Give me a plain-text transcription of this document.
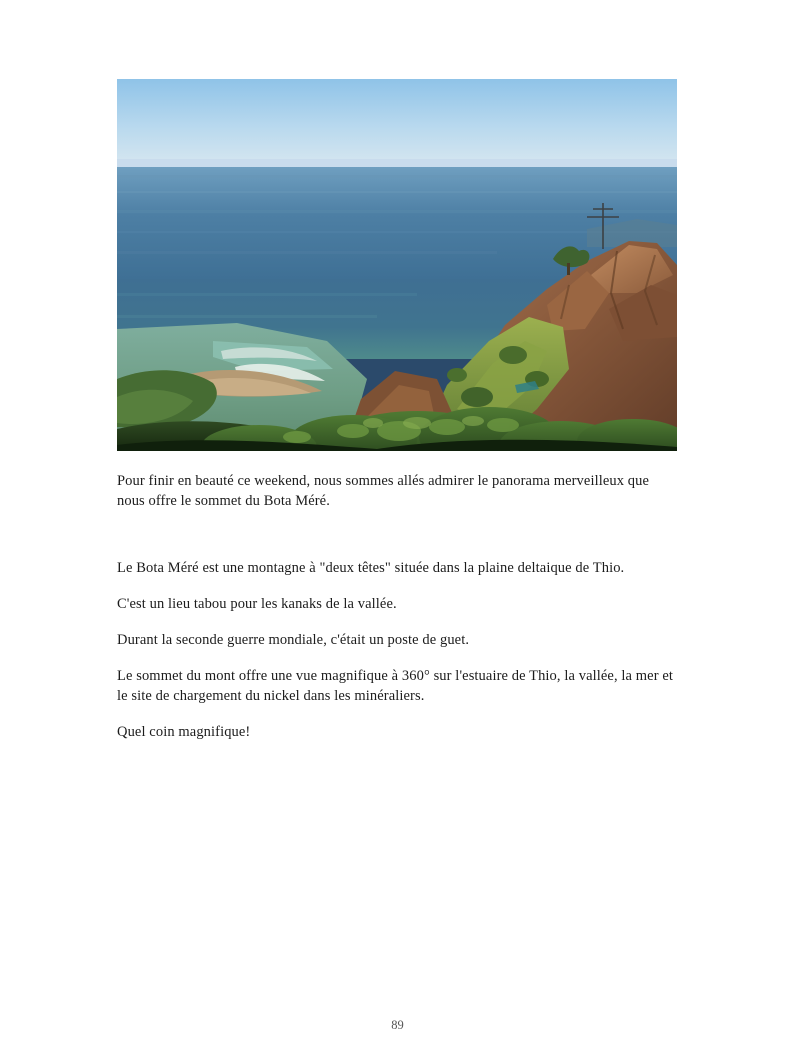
Pour finir en beauté ce weekend, nous sommes allés admirer le panorama merveilleux que nous offre le sommet du Bota Méré.

Le Bota Méré est une montagne à "deux têtes" située dans la plaine deltaique de Thio.

C'est un lieu tabou pour les kanaks de la vallée.

Durant la seconde guerre mondiale, c'était un poste de guet.

Le sommet du mont offre une vue magnifique à 360° sur l'estuaire de Thio, la vallée, la mer et le site de chargement du nickel dans les minéraliers.

Quel coin magnifique!

89
